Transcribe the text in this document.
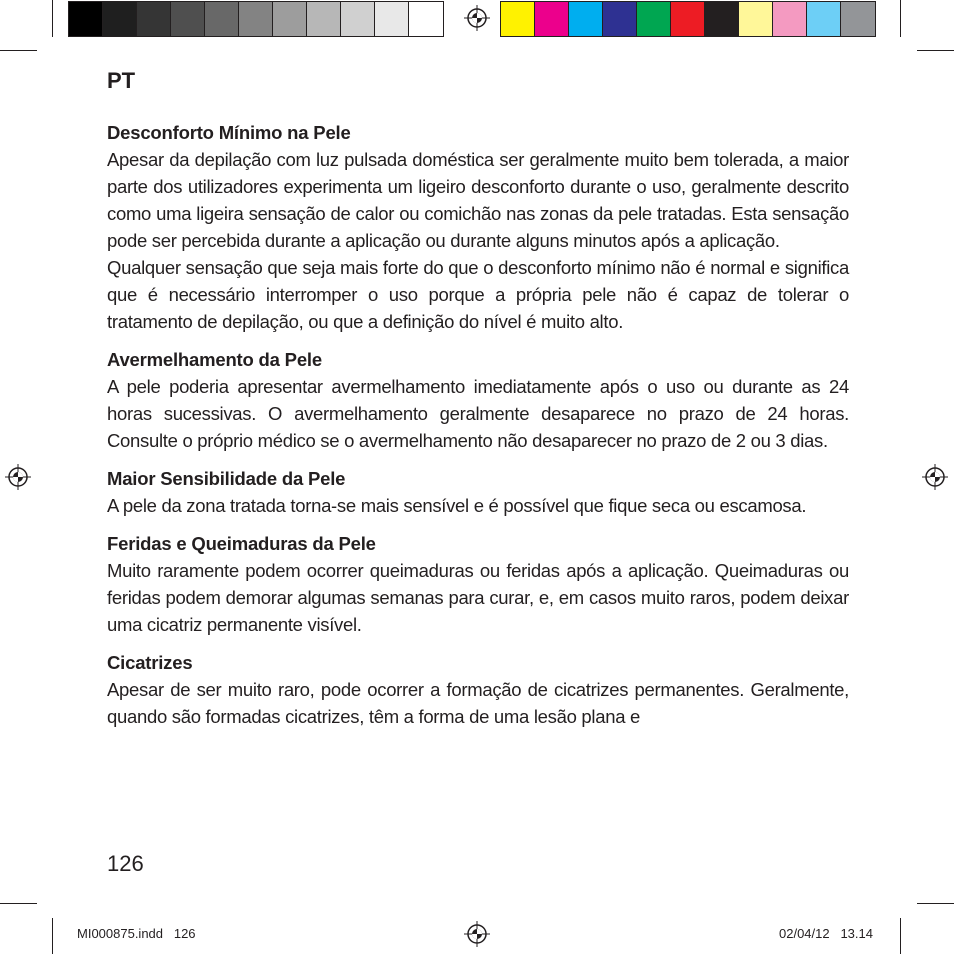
PT
Desconforto Mínimo na Pele
Apesar da depilação com luz pulsada doméstica ser geralmente muito bem tolerada, a maior parte dos utilizadores experimenta um ligeiro desconforto durante o uso, geralmente descrito como uma ligeira sensação de calor ou comichão nas zonas da pele tratadas. Esta sensação pode ser percebida durante a aplicação ou durante alguns minutos após a aplicação.
Qualquer sensação que seja mais forte do que o desconforto mínimo não é normal e significa que é necessário interromper o uso porque a própria pele não é capaz de tolerar o tratamento de depilação, ou que a definição do nível é muito alto.
Avermelhamento da Pele
A pele poderia apresentar avermelhamento imediatamente após o uso ou durante as 24 horas sucessivas. O avermelhamento geralmente desaparece no prazo de 24 horas. Consulte o próprio médico se o avermelhamento não desaparecer no prazo de 2 ou 3 dias.
Maior Sensibilidade da Pele
A pele da zona tratada torna-se mais sensível e é possível que fique seca ou escamosa.
Feridas e Queimaduras da Pele
Muito raramente podem ocorrer queimaduras ou feridas após a aplicação. Queimaduras ou feridas podem demorar algumas semanas para curar, e, em casos muito raros, podem deixar uma cicatriz permanente visível.
Cicatrizes
Apesar de ser muito raro, pode ocorrer a formação de cicatrizes permanentes. Geralmente, quando são formadas cicatrizes, têm a forma de uma lesão plana e
126
MI000875.indd   126	02/04/12   13.14
